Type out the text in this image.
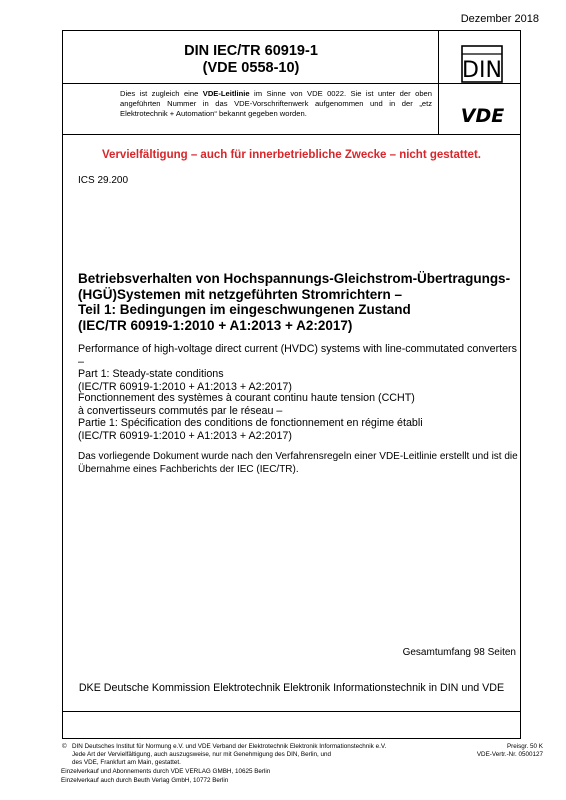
Dezember 2018
DIN IEC/TR 60919-1
(VDE 0558-10)	DIN
VDE
Dies ist zugleich eine VDE-Leitlinie im Sinne von VDE 0022. Sie ist unter der oben angeführten Nummer in das VDE-Vorschriftenwerk aufgenommen und in der „etz Elektrotechnik + Automation“ bekannt gegeben worden.
Vervielfältigung – auch für innerbetriebliche Zwecke – nicht gestattet.
ICS 29.200
Betriebsverhalten von Hochspannungs-Gleichstrom-Übertragungs-
(HGÜ)Systemen mit netzgeführten Stromrichtern –
Teil 1: Bedingungen im eingeschwungenen Zustand
(IEC/TR 60919-1:2010 + A1:2013 + A2:2017)
Performance of high-voltage direct current (HVDC) systems with line-commutated converters –
Part 1: Steady-state conditions
(IEC/TR 60919-1:2010 + A1:2013 + A2:2017)
Fonctionnement des systèmes à courant continu haute tension (CCHT)
à convertisseurs commutés par le réseau –
Partie 1: Spécification des conditions de fonctionnement en régime établi
(IEC/TR 60919-1:2010 + A1:2013 + A2:2017)
Das vorliegende Dokument wurde nach den Verfahrensregeln einer VDE-Leitlinie erstellt und ist die
Übernahme eines Fachberichts der IEC (IEC/TR).
Gesamtumfang 98 Seiten
DKE Deutsche Kommission Elektrotechnik Elektronik Informationstechnik in DIN und VDE
© DIN Deutsches Institut für Normung e.V. und VDE Verband der Elektrotechnik Elektronik Informationstechnik e.V.

Jede Art der Vervielfältigung, auch auszugsweise, nur mit Genehmigung des DIN, Berlin, und

des VDE, Frankfurt am Main, gestattet.

Einzelverkauf und Abonnements durch VDE VERLAG GMBH, 10625 Berlin

Einzelverkauf auch durch Beuth Verlag GmbH, 10772 Berlin

Preisgr. 50 K
VDE-Vertr.-Nr. 0500127
